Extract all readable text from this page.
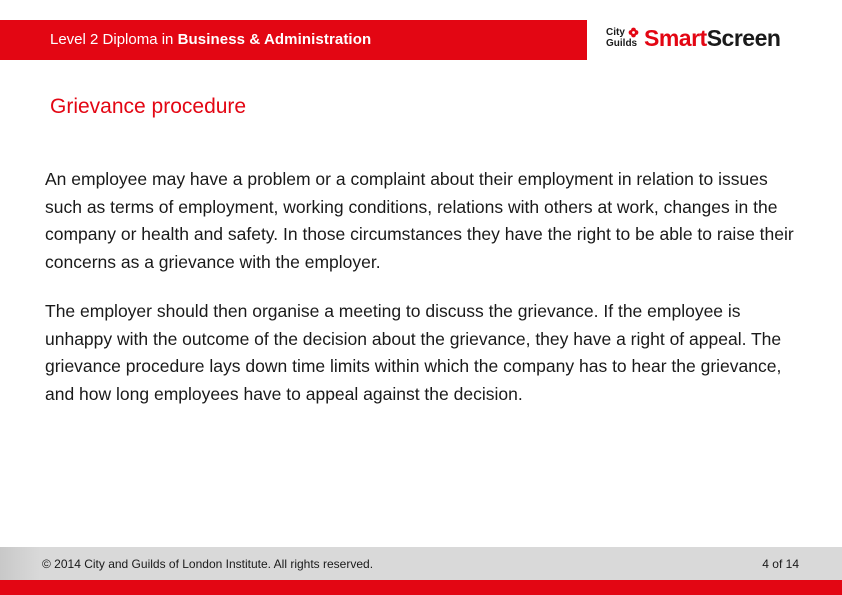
Level 2 Diploma in Business & Administration	City
Guilds SmartScreen
Grievance procedure

An employee may have a problem or a complaint about their employment in relation to issues such as terms of employment, working conditions, relations with others at work, changes in the company or health and safety. In those circumstances they have the right to be able to raise their concerns as a grievance with the employer.

The employer should then organise a meeting to discuss the grievance. If the employee is unhappy with the outcome of the decision about the grievance, they have a right of appeal. The grievance procedure lays down time limits within which the company has to hear the grievance, and how long employees have to appeal against the decision.

© 2014 City and Guilds of London Institute. All rights reserved.	4 of 14
